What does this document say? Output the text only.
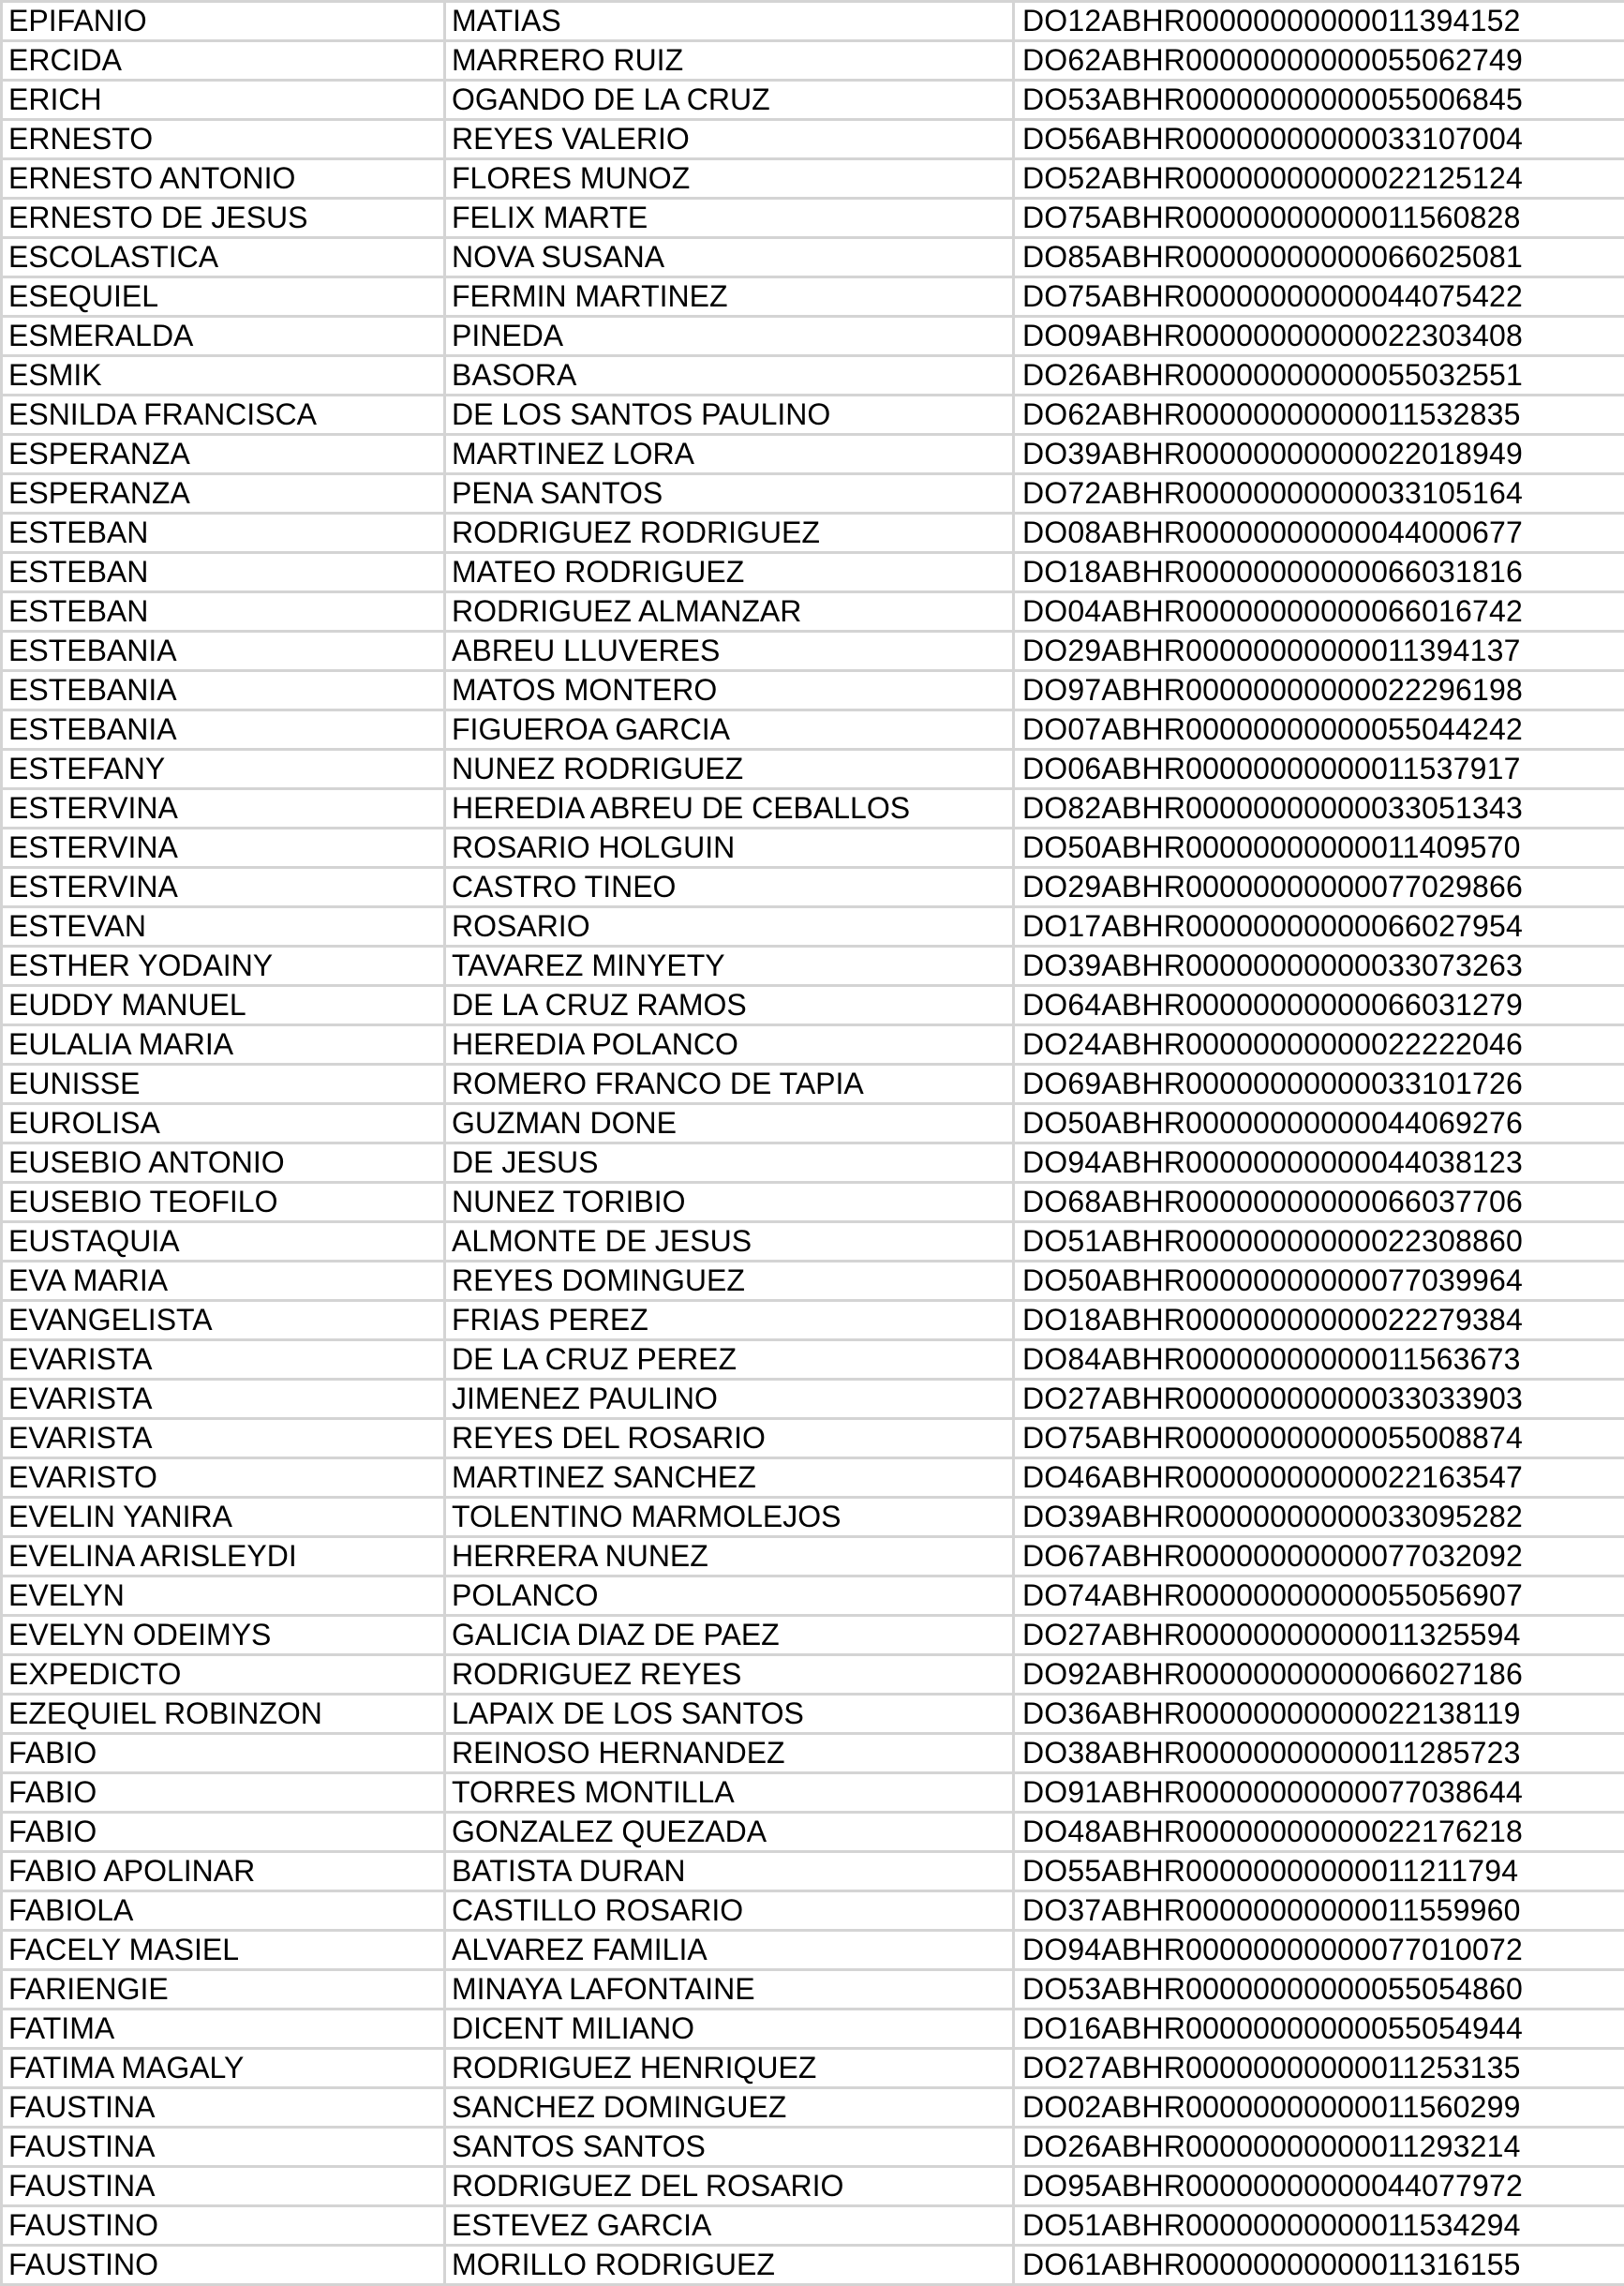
EPIFANIO	MATIAS	DO12ABHR00000000000011394152
ERCIDA	MARRERO RUIZ	DO62ABHR00000000000055062749
ERICH	OGANDO DE LA CRUZ	DO53ABHR00000000000055006845
ERNESTO	REYES VALERIO	DO56ABHR00000000000033107004
ERNESTO ANTONIO	FLORES MUNOZ	DO52ABHR00000000000022125124
ERNESTO DE JESUS	FELIX MARTE	DO75ABHR00000000000011560828
ESCOLASTICA	NOVA SUSANA	DO85ABHR00000000000066025081
ESEQUIEL	FERMIN MARTINEZ	DO75ABHR00000000000044075422
ESMERALDA	PINEDA	DO09ABHR00000000000022303408
ESMIK	BASORA	DO26ABHR00000000000055032551
ESNILDA FRANCISCA	DE LOS SANTOS PAULINO	DO62ABHR00000000000011532835
ESPERANZA	MARTINEZ LORA	DO39ABHR00000000000022018949
ESPERANZA	PENA SANTOS	DO72ABHR00000000000033105164
ESTEBAN	RODRIGUEZ RODRIGUEZ	DO08ABHR00000000000044000677
ESTEBAN	MATEO RODRIGUEZ	DO18ABHR00000000000066031816
ESTEBAN	RODRIGUEZ ALMANZAR	DO04ABHR00000000000066016742
ESTEBANIA	ABREU LLUVERES	DO29ABHR00000000000011394137
ESTEBANIA	MATOS MONTERO	DO97ABHR00000000000022296198
ESTEBANIA	FIGUEROA GARCIA	DO07ABHR00000000000055044242
ESTEFANY	NUNEZ RODRIGUEZ	DO06ABHR00000000000011537917
ESTERVINA	HEREDIA ABREU DE CEBALLOS	DO82ABHR00000000000033051343
ESTERVINA	ROSARIO HOLGUIN	DO50ABHR00000000000011409570
ESTERVINA	CASTRO TINEO	DO29ABHR00000000000077029866
ESTEVAN	ROSARIO	DO17ABHR00000000000066027954
ESTHER YODAINY	TAVAREZ MINYETY	DO39ABHR00000000000033073263
EUDDY MANUEL	DE LA CRUZ RAMOS	DO64ABHR00000000000066031279
EULALIA MARIA	HEREDIA POLANCO	DO24ABHR00000000000022222046
EUNISSE	ROMERO FRANCO DE TAPIA	DO69ABHR00000000000033101726
EUROLISA	GUZMAN DONE	DO50ABHR00000000000044069276
EUSEBIO ANTONIO	DE JESUS	DO94ABHR00000000000044038123
EUSEBIO TEOFILO	NUNEZ TORIBIO	DO68ABHR00000000000066037706
EUSTAQUIA	ALMONTE DE JESUS	DO51ABHR00000000000022308860
EVA MARIA	REYES DOMINGUEZ	DO50ABHR00000000000077039964
EVANGELISTA	FRIAS PEREZ	DO18ABHR00000000000022279384
EVARISTA	DE LA CRUZ PEREZ	DO84ABHR00000000000011563673
EVARISTA	JIMENEZ PAULINO	DO27ABHR00000000000033033903
EVARISTA	REYES DEL ROSARIO	DO75ABHR00000000000055008874
EVARISTO	MARTINEZ SANCHEZ	DO46ABHR00000000000022163547
EVELIN YANIRA	TOLENTINO MARMOLEJOS	DO39ABHR00000000000033095282
EVELINA ARISLEYDI	HERRERA NUNEZ	DO67ABHR00000000000077032092
EVELYN	POLANCO	DO74ABHR00000000000055056907
EVELYN ODEIMYS	GALICIA DIAZ DE PAEZ	DO27ABHR00000000000011325594
EXPEDICTO	RODRIGUEZ REYES	DO92ABHR00000000000066027186
EZEQUIEL ROBINZON	LAPAIX DE LOS SANTOS	DO36ABHR00000000000022138119
FABIO	REINOSO HERNANDEZ	DO38ABHR00000000000011285723
FABIO	TORRES MONTILLA	DO91ABHR00000000000077038644
FABIO	GONZALEZ QUEZADA	DO48ABHR00000000000022176218
FABIO APOLINAR	BATISTA DURAN	DO55ABHR00000000000011211794
FABIOLA	CASTILLO ROSARIO	DO37ABHR00000000000011559960
FACELY MASIEL	ALVAREZ FAMILIA	DO94ABHR00000000000077010072
FARIENGIE	MINAYA LAFONTAINE	DO53ABHR00000000000055054860
FATIMA	DICENT MILIANO	DO16ABHR00000000000055054944
FATIMA MAGALY	RODRIGUEZ HENRIQUEZ	DO27ABHR00000000000011253135
FAUSTINA	SANCHEZ DOMINGUEZ	DO02ABHR00000000000011560299
FAUSTINA	SANTOS SANTOS	DO26ABHR00000000000011293214
FAUSTINA	RODRIGUEZ DEL ROSARIO	DO95ABHR00000000000044077972
FAUSTINO	ESTEVEZ GARCIA	DO51ABHR00000000000011534294
FAUSTINO	MORILLO RODRIGUEZ	DO61ABHR00000000000011316155
